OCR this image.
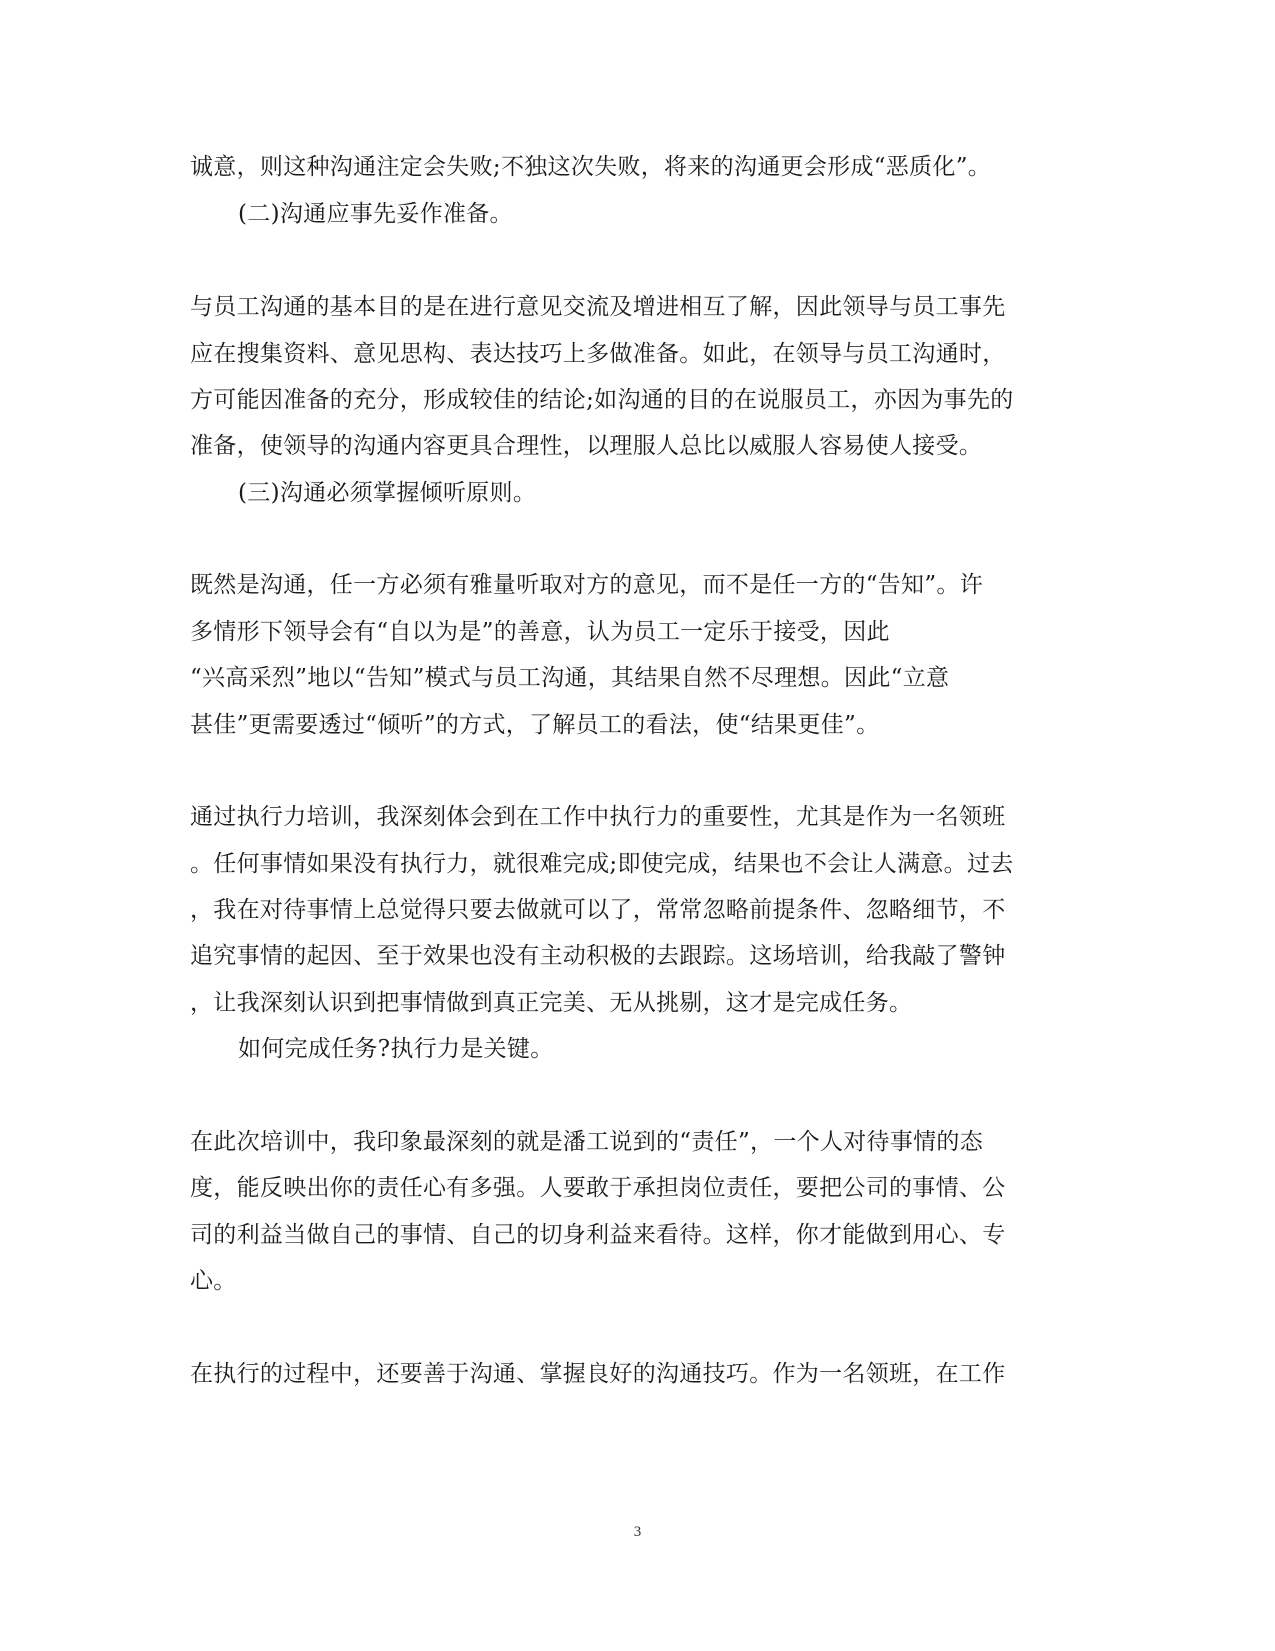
诚意，则这种沟通注定会失败;不独这次失败，将来的沟通更会形成“恶质化”。
(二)沟通应事先妥作准备。
与员工沟通的基本目的是在进行意见交流及增进相互了解，因此领导与员工事先
应在搜集资料、意见思构、表达技巧上多做准备。如此，在领导与员工沟通时，
方可能因准备的充分，形成较佳的结论;如沟通的目的在说服员工，亦因为事先的
准备，使领导的沟通内容更具合理性，以理服人总比以威服人容易使人接受。
(三)沟通必须掌握倾听原则。
既然是沟通，任一方必须有雅量听取对方的意见，而不是任一方的“告知”。许
多情形下领导会有“自以为是”的善意，认为员工一定乐于接受，因此
“兴高采烈”地以“告知”模式与员工沟通，其结果自然不尽理想。因此“立意
甚佳”更需要透过“倾听”的方式，了解员工的看法，使“结果更佳”。
通过执行力培训，我深刻体会到在工作中执行力的重要性，尤其是作为一名领班
。任何事情如果没有执行力，就很难完成;即使完成，结果也不会让人满意。过去
，我在对待事情上总觉得只要去做就可以了，常常忽略前提条件、忽略细节，不
追究事情的起因、至于效果也没有主动积极的去跟踪。这场培训，给我敲了警钟
，让我深刻认识到把事情做到真正完美、无从挑剔，这才是完成任务。
如何完成任务?执行力是关键。
在此次培训中，我印象最深刻的就是潘工说到的“责任”，一个人对待事情的态
度，能反映出你的责任心有多强。人要敢于承担岗位责任，要把公司的事情、公
司的利益当做自己的事情、自己的切身利益来看待。这样，你才能做到用心、专
心。
在执行的过程中，还要善于沟通、掌握良好的沟通技巧。作为一名领班，在工作
3
